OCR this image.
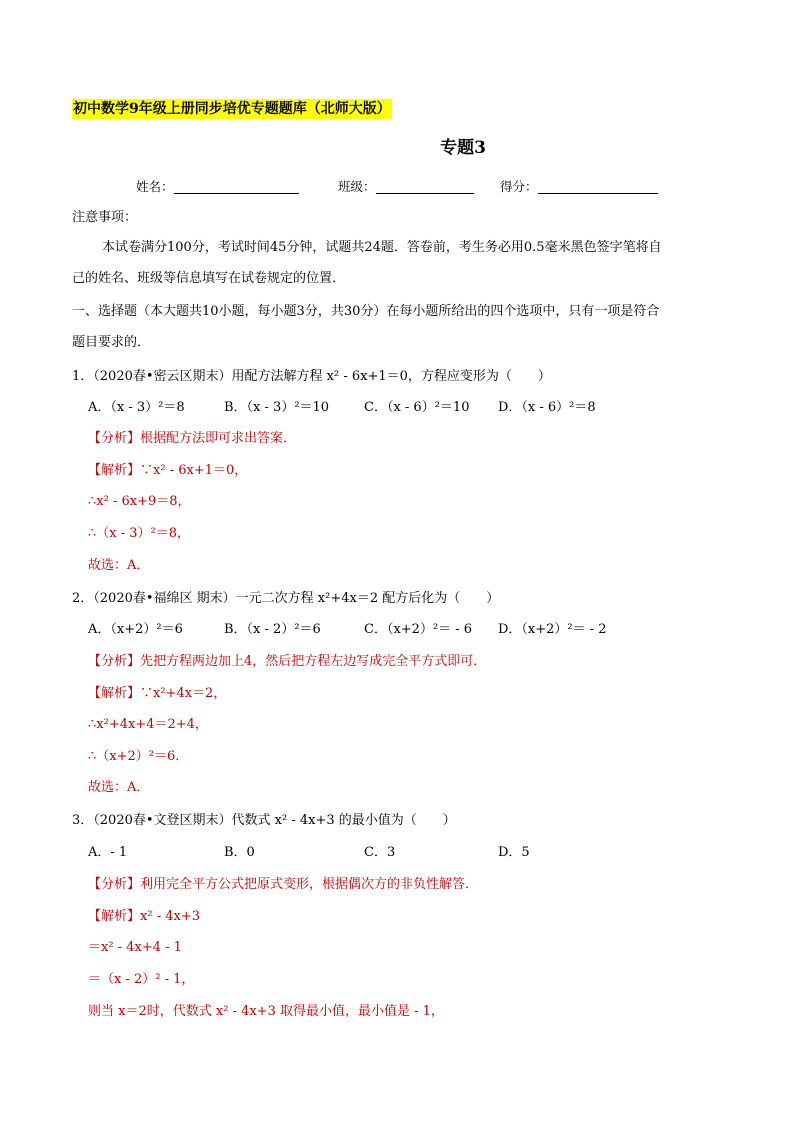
初中数学9年级上册同步培优专题题库（北师大版）
专题3
姓名：	班级：	得分：
注意事项：
本试卷满分100分，考试时间45分钟，试题共24题．答卷前，考生务必用0.5毫米黑色签字笔将自
己的姓名、班级等信息填写在试卷规定的位置．
一、选择题（本大题共10小题，每小题3分，共30分）在每小题所给出的四个选项中，只有一项是符合
题目要求的．
1．（2020春•密云区期末）用配方法解方程 x² - 6x+1＝0，方程应变形为（　　）
A．（x - 3）²＝8	B．（x - 3）²＝10	C．（x - 6）²＝10 D．（x - 6）²＝8
【分析】根据配方法即可求出答案．
【解析】∵x² - 6x+1＝0，
∴x² - 6x+9＝8，
∴（x - 3）²＝8，
故选：A．
2．（2020春•福绵区 期末）一元二次方程 x²+4x＝2 配方后化为（　　）
A．（x+2）²＝6	B．（x - 2）²＝6	C．（x+2）²＝ - 6 D．（x+2）²＝ - 2
【分析】先把方程两边加上4，然后把方程左边写成完全平方式即可．
【解析】∵x²+4x＝2，
∴x²+4x+4＝2+4，
∴（x+2）²＝6．
故选：A．
3．（2020春•文登区期末）代数式 x² - 4x+3 的最小值为（　　）
A．- 1	B．0	C．3	D．5
【分析】利用完全平方公式把原式变形，根据偶次方的非负性解答．
【解析】x² - 4x+3
＝x² - 4x+4 - 1
＝（x - 2）² - 1，
则当 x＝2时，代数式 x² - 4x+3 取得最小值，最小值是 - 1，
